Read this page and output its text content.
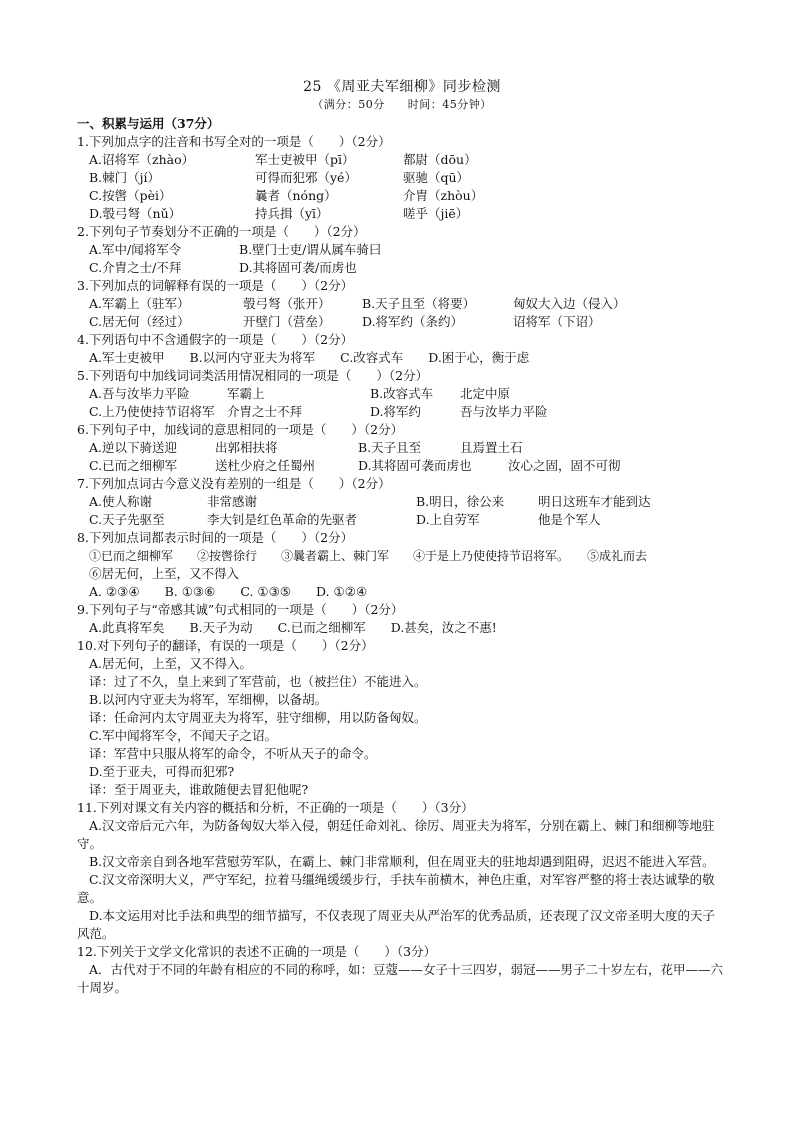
25 《周亚夫军细柳》同步检测
（满分：50分　　时间：45分钟）
一、积累与运用（37分）
1.下列加点字的注音和书写全对的一项是（　　）（2分）
A.诏将军（zhào）	军士吏被甲（pī）	都尉（dōu）
B.棘门（jí）	可得而犯邪（yé）	驱驰（qū）
C.按辔（pèi）	曩者（nóng）	介胄（zhòu）
D.彀弓弩（nǔ）	持兵揖（yī）	嗟乎（jiē）
2.下列句子节奏划分不正确的一项是（　　）（2分）
A.军中/闻将军令	B.壁门士吏/谓从属车骑曰
C.介胄之士/不拜	D.其将固可袭/而虏也
3.下列加点的词解释有误的一项是（　　）（2分）
A.军霸上（驻军）	彀弓弩（张开）	B.天子且至（将要）	匈奴大入边（侵入）
C.居无何（经过）	开壁门（营垒）	D.将军约（条约）	诏将军（下诏）
4.下列语句中不含通假字的一项是（　　）（2分）
A.军士吏被甲　　B.以河内守亚夫为将军　　C.改容式车　　D.困于心，衡于虑
5.下列语句中加线词词类活用情况相同的一项是（　　）（2分）
A.吾与汝毕力平险	军霸上	B.改容式车	北定中原
C.上乃使使持节诏将军 介胄之士不拜	D.将军约	吾与汝毕力平险
6.下列句子中，加线词的意思相同的一项是（　　）（2分）
A.逆以下骑送迎	出郭相扶将	B.天子且至	且焉置土石
C.已而之细柳军	送杜少府之任蜀州	D.其将固可袭而虏也	汝心之固，固不可彻
7.下列加点词古今意义没有差别的一组是（　　）（2分）
A.使人称谢	非常感谢	B.明日，徐公来	明日这班车才能到达
C.天子先驱至	李大钊是红色革命的先驱者	D.上自劳军	他是个军人
8.下列加点词都表示时间的一项是（　　）（2分）
①已而之细柳军　　②按辔徐行　　③曩者霸上、棘门军　　④于是上乃使使持节诏将军。　　⑤成礼而去
⑥居无何，上至，又不得入
A. ②③④　　B. ①③⑥　　C. ①③⑤　　D. ①②④
9.下列句子与“帝感其诚”句式相同的一项是（　　）（2分）
A.此真将军矣　　B.天子为动　　C.已而之细柳军　　D.甚矣，汝之不惠!
10.对下列句子的翻译，有误的一项是（　　）（2分）
A.居无何，上至，又不得入。
译：过了不久，皇上来到了军营前，也（被拦住）不能进入。
B.以河内守亚夫为将军，军细柳，以备胡。
译：任命河内太守周亚夫为将军，驻守细柳，用以防备匈奴。
C.军中闻将军令，不闻天子之诏。
译：军营中只服从将军的命令，不听从天子的命令。
D.至于亚夫，可得而犯邪?
译：至于周亚夫，谁敢随便去冒犯他呢?
11.下列对课文有关内容的概括和分析，不正确的一项是（　　）（3分）
A.汉文帝后元六年，为防备匈奴大举入侵，朝廷任命刘礼、徐厉、周亚夫为将军，分别在霸上、棘门和细柳等地驻守。
B.汉文帝亲自到各地军营慰劳军队，在霸上、棘门非常顺利，但在周亚夫的驻地却遇到阻碍，迟迟不能进入军营。
C.汉文帝深明大义，严守军纪，拉着马缰绳缓缓步行，手扶车前横木，神色庄重，对军容严整的将士表达诚挚的敬意。
D.本文运用对比手法和典型的细节描写，不仅表现了周亚夫从严治军的优秀品质，还表现了汉文帝圣明大度的天子风范。
12.下列关于文学文化常识的表述不正确的一项是（　　）（3分）
A．古代对于不同的年龄有相应的不同的称呼，如：豆蔻——女子十三四岁，弱冠——男子二十岁左右，花甲——六十周岁。
